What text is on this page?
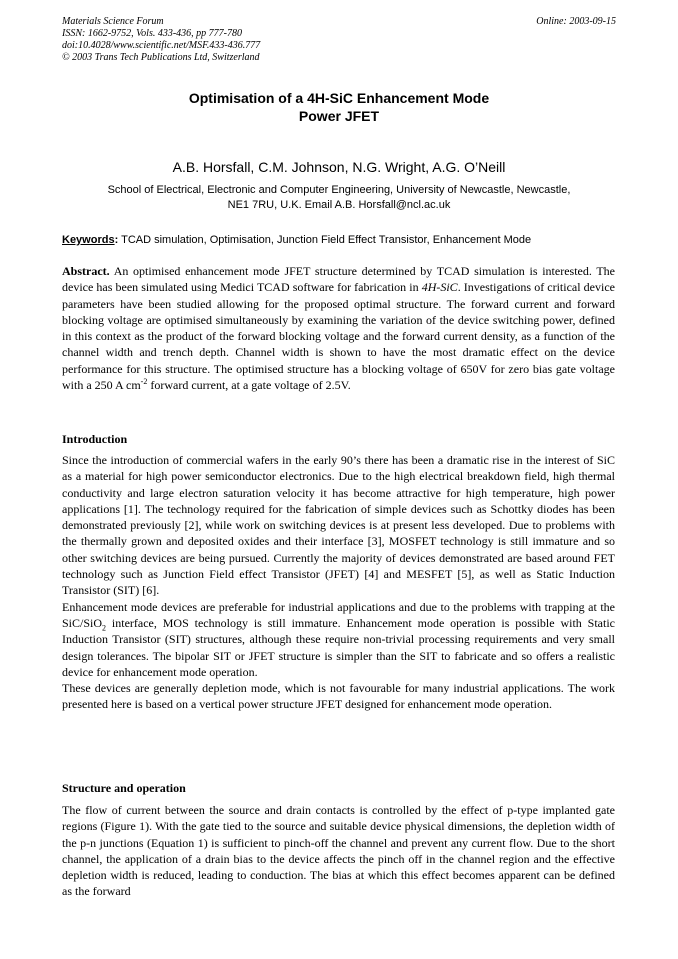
Materials Science Forum
ISSN: 1662-9752, Vols. 433-436, pp 777-780
doi:10.4028/www.scientific.net/MSF.433-436.777
© 2003 Trans Tech Publications Ltd, Switzerland
Online: 2003-09-15
Optimisation of a 4H-SiC Enhancement Mode
Power JFET
A.B. Horsfall, C.M. Johnson, N.G. Wright, A.G. O’Neill
School of Electrical, Electronic and Computer Engineering, University of Newcastle, Newcastle,
NE1 7RU, U.K. Email A.B. Horsfall@ncl.ac.uk
Keywords: TCAD simulation, Optimisation, Junction Field Effect Transistor, Enhancement Mode

Abstract. An optimised enhancement mode JFET structure determined by TCAD simulation is interested. The device has been simulated using Medici TCAD software for fabrication in 4H-SiC. Investigations of critical device parameters have been studied allowing for the proposed optimal structure. The forward current and forward blocking voltage are optimised simultaneously by examining the variation of the device switching power, defined in this context as the product of the forward blocking voltage and the forward current density, as a function of the channel width and trench depth. Channel width is shown to have the most dramatic effect on the device performance for this structure. The optimised structure has a blocking voltage of 650V for zero bias gate voltage with a 250 A $cm^{-2}$ forward current, at a gate voltage of 2.5V.

Introduction

Since the introduction of commercial wafers in the early 90’s there has been a dramatic rise in the interest of SiC as a material for high power semiconductor electronics. Due to the high electrical breakdown field, high thermal conductivity and large electron saturation velocity it has become attractive for high temperature, high power applications [1]. The technology required for the fabrication of simple devices such as Schottky diodes has been demonstrated previously [2], while work on switching devices is at present less developed. Due to problems with the thermally grown and deposited oxides and their interface [3], MOSFET technology is still immature and so other switching devices are being pursued. Currently the majority of devices demonstrated are based around FET technology such as Junction Field effect Transistor (JFET) [4] and MESFET [5], as well as Static Induction Transistor (SIT) [6].

Enhancement mode devices are preferable for industrial applications and due to the problems with trapping at the SiC/SiO$_2$ interface, MOS technology is still immature. Enhancement mode operation is possible with Static Induction Transistor (SIT) structures, although these require non-trivial processing requirements and very small design tolerances. The bipolar SIT or JFET structure is simpler than the SIT to fabricate and so offers a realistic device for enhancement mode operation.

These devices are generally depletion mode, which is not favourable for many industrial applications. The work presented here is based on a vertical power structure JFET designed for enhancement mode operation.

Structure and operation

The flow of current between the source and drain contacts is controlled by the effect of p-type implanted gate regions (Figure 1). With the gate tied to the source and suitable device physical dimensions, the depletion width of the p-n junctions (Equation 1) is sufficient to pinch-off the channel and prevent any current flow. Due to the short channel, the application of a drain bias to the device affects the pinch off in the channel region and the effective depletion width is reduced, leading to conduction. The bias at which this effect becomes apparent can be defined as the forward
